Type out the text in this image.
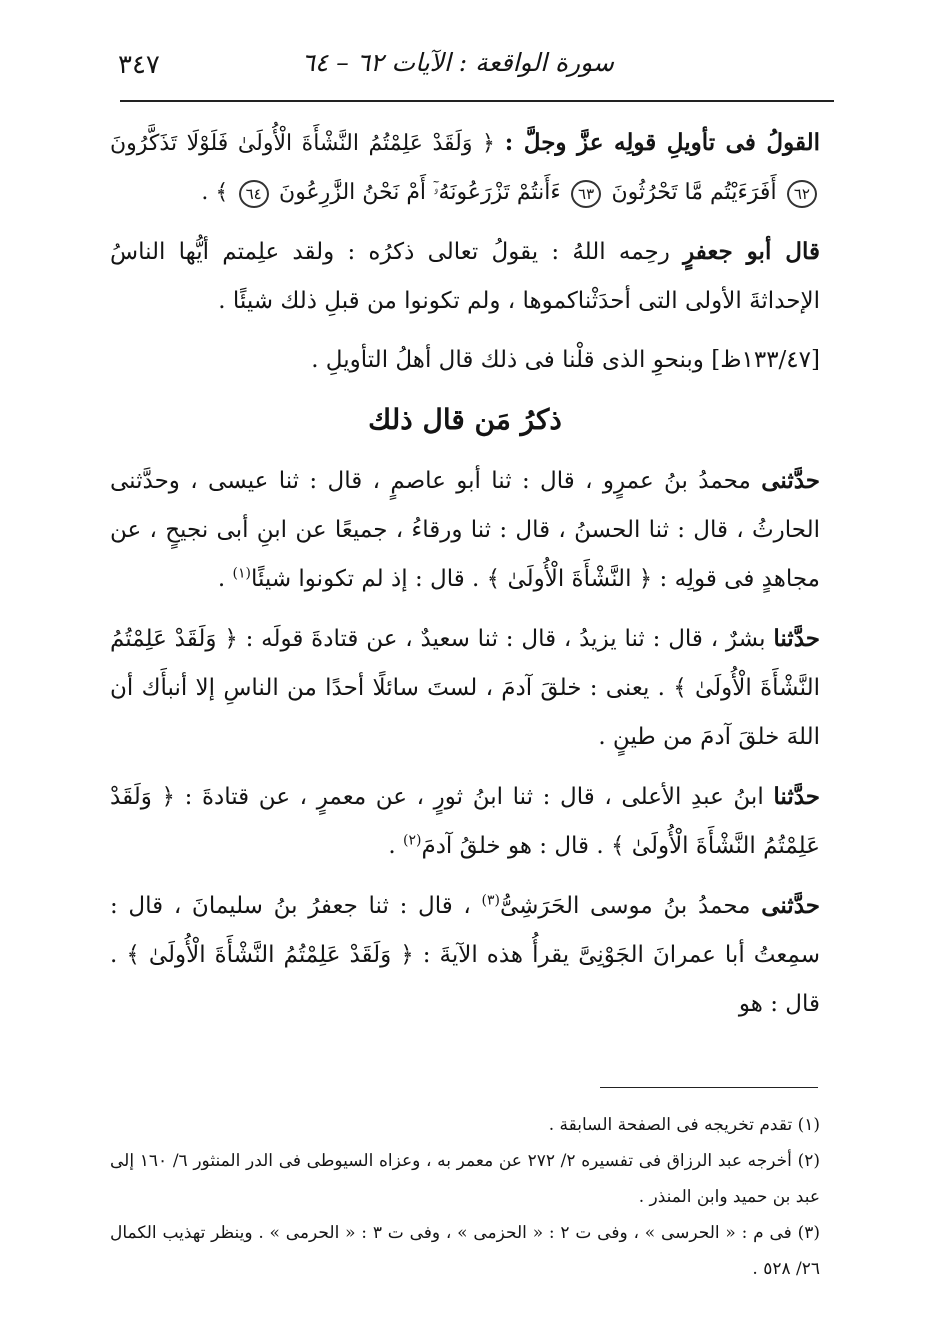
٣٤٧	سورة الواقعة : الآيات ٦٢ – ٦٤

القولُ فى تأويلِ قولِه عزَّ وجلَّ : ﴿ وَلَقَدْ عَلِمْتُمُ النَّشْأَةَ الْأُولَىٰ فَلَوْلَا تَذَكَّرُونَ ٦٢ أَفَرَءَيْتُم مَّا تَحْرُثُونَ ٦٣ ءَأَنتُمْ تَزْرَعُونَهُۥٓ أَمْ نَحْنُ الزَّٰرِعُونَ ٦٤ ﴾ .

قال أبو جعفرٍ رحِمه اللهُ : يقولُ تعالى ذكرُه : ولقد علِمتم أيُّها الناسُ الإحداثةَ الأولى التى أحدَثْناكموها ، ولم تكونوا من قبلِ ذلك شيئًا .

[١٣٣/٤٧ظ] وبنحوِ الذى قلْنا فى ذلك قال أهلُ التأويلِ .

ذكرُ مَن قال ذلك

حدَّثنى محمدُ بنُ عمرٍو ، قال : ثنا أبو عاصمٍ ، قال : ثنا عيسى ، وحدَّثنى الحارثُ ، قال : ثنا الحسنُ ، قال : ثنا ورقاءُ ، جميعًا عن ابنِ أبى نجيحٍ ، عن مجاهدٍ فى قولِه : ﴿ النَّشْأَةَ الْأُولَىٰ ﴾ . قال : إذ لم تكونوا شيئًا$^{(١)}$ .

حدَّثنا بشرٌ ، قال : ثنا يزيدُ ، قال : ثنا سعيدٌ ، عن قتادةَ قولَه : ﴿ وَلَقَدْ عَلِمْتُمُ النَّشْأَةَ الْأُولَىٰ ﴾ . يعنى : خلقَ آدمَ ، لستَ سائلًا أحدًا من الناسِ إلا أنبأَك أن اللهَ خلقَ آدمَ من طينٍ .

حدَّثنا ابنُ عبدِ الأعلى ، قال : ثنا ابنُ ثورٍ ، عن معمرٍ ، عن قتادةَ : ﴿ وَلَقَدْ عَلِمْتُمُ النَّشْأَةَ الْأُولَىٰ ﴾ . قال : هو خلقُ آدمَ$^{(٢)}$ .

حدَّثنى محمدُ بنُ موسى الحَرَشِىُّ$^{(٣)}$ ، قال : ثنا جعفرُ بنُ سليمانَ ، قال : سمِعتُ أبا عمرانَ الجَوْنِىَّ يقرأُ هذه الآيةَ : ﴿ وَلَقَدْ عَلِمْتُمُ النَّشْأَةَ الْأُولَىٰ ﴾ . قال : هو

(١) تقدم تخريجه فى الصفحة السابقة .

(٢) أخرجه عبد الرزاق فى تفسيره ٢/ ٢٧٢ عن معمر به ، وعزاه السيوطى فى الدر المنثور ٦/ ١٦٠ إلى عبد بن حميد وابن المنذر .

(٣) فى م : « الحرسى » ، وفى ت ٢ : « الحزمى » ، وفى ت ٣ : « الحرمى » . وينظر تهذيب الكمال ٢٦/ ٥٢٨ .
